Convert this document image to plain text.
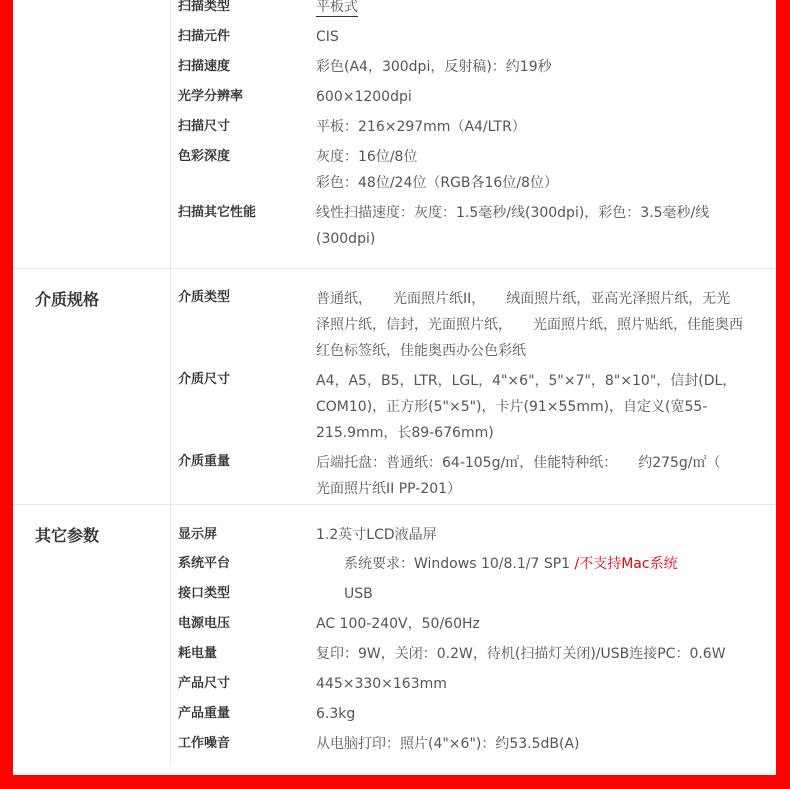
扫描类型	平板式

扫描元件	CIS

扫描速度	彩色(A4，300dpi，反射稿)：约19秒

光学分辨率	600×1200dpi

扫描尺寸	平板：216×297mm（A4/LTR）

色彩深度	灰度：16位/8位

彩色：48位/24位（RGB各16位/8位）

扫描其它性能	线性扫描速度：灰度：1.5毫秒/线(300dpi)，彩色：3.5毫秒/线

(300dpi)

介质规格	介质类型	普通纸，　　光面照片纸II，　　绒面照片纸，亚高光泽照片纸，无光

泽照片纸，信封，光面照片纸，　　光面照片纸，照片贴纸，佳能奥西

红色标签纸，佳能奥西办公色彩纸

介质尺寸	A4，A5，B5，LTR，LGL，4"×6"，5"×7"，8"×10"，信封(DL，

COM10)，正方形(5"×5")，卡片(91×55mm)，自定义(宽55-

215.9mm，长89-676mm)

介质重量	后端托盘：普通纸：64-105g/㎡，佳能特种纸：　　约275g/㎡（

光面照片纸II PP-201）

其它参数	显示屏	1.2英寸LCD液晶屏

系统平台	　　系统要求：Windows 10/8.1/7 SP1 /不支持Mac系统

接口类型	　　USB

电源电压	AC 100-240V，50/60Hz

耗电量	复印：9W，关闭：0.2W，待机(扫描灯关闭)/USB连接PC：0.6W

产品尺寸	445×330×163mm

产品重量	6.3kg

工作噪音	从电脑打印：照片(4"×6")：约53.5dB(A)
